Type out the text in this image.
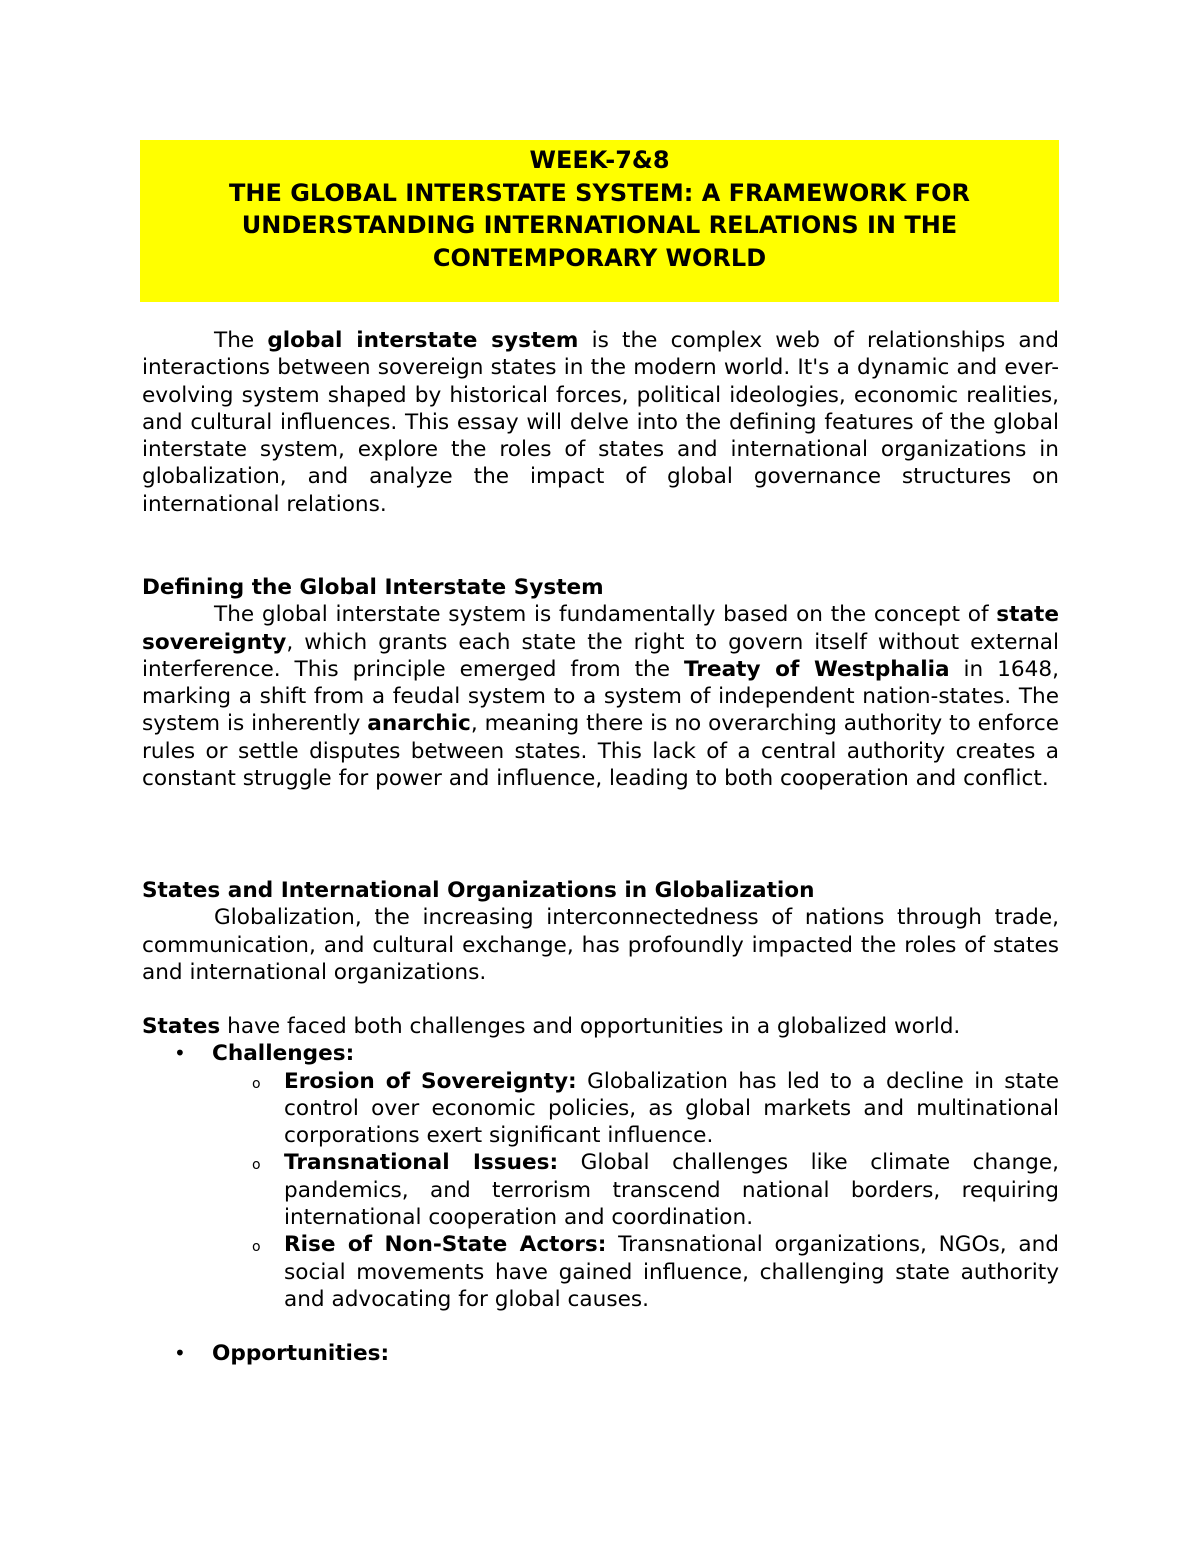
WEEK-7&8
THE GLOBAL INTERSTATE SYSTEM: A FRAMEWORK FOR
UNDERSTANDING INTERNATIONAL RELATIONS IN THE
CONTEMPORARY WORLD

The global interstate system is the complex web of relationships and interactions between sovereign states in the modern world. It's a dynamic and ever-evolving system shaped by historical forces, political ideologies, economic realities, and cultural influences. This essay will delve into the defining features of the global interstate system, explore the roles of states and international organizations in globalization, and analyze the impact of global governance structures on international relations.

Defining the Global Interstate System

The global interstate system is fundamentally based on the concept of state sovereignty, which grants each state the right to govern itself without external interference. This principle emerged from the Treaty of Westphalia in 1648, marking a shift from a feudal system to a system of independent nation-states. The system is inherently anarchic, meaning there is no overarching authority to enforce rules or settle disputes between states. This lack of a central authority creates a constant struggle for power and influence, leading to both cooperation and conflict.

States and International Organizations in Globalization

Globalization, the increasing interconnectedness of nations through trade, communication, and cultural exchange, has profoundly impacted the roles of states and international organizations.

States have faced both challenges and opportunities in a globalized world.

• Challenges:

o Erosion of Sovereignty: Globalization has led to a decline in state control over economic policies, as global markets and multinational corporations exert significant influence.

o Transnational Issues: Global challenges like climate change, pandemics, and terrorism transcend national borders, requiring international cooperation and coordination.

o Rise of Non-State Actors: Transnational organizations, NGOs, and social movements have gained influence, challenging state authority and advocating for global causes.

• Opportunities:
